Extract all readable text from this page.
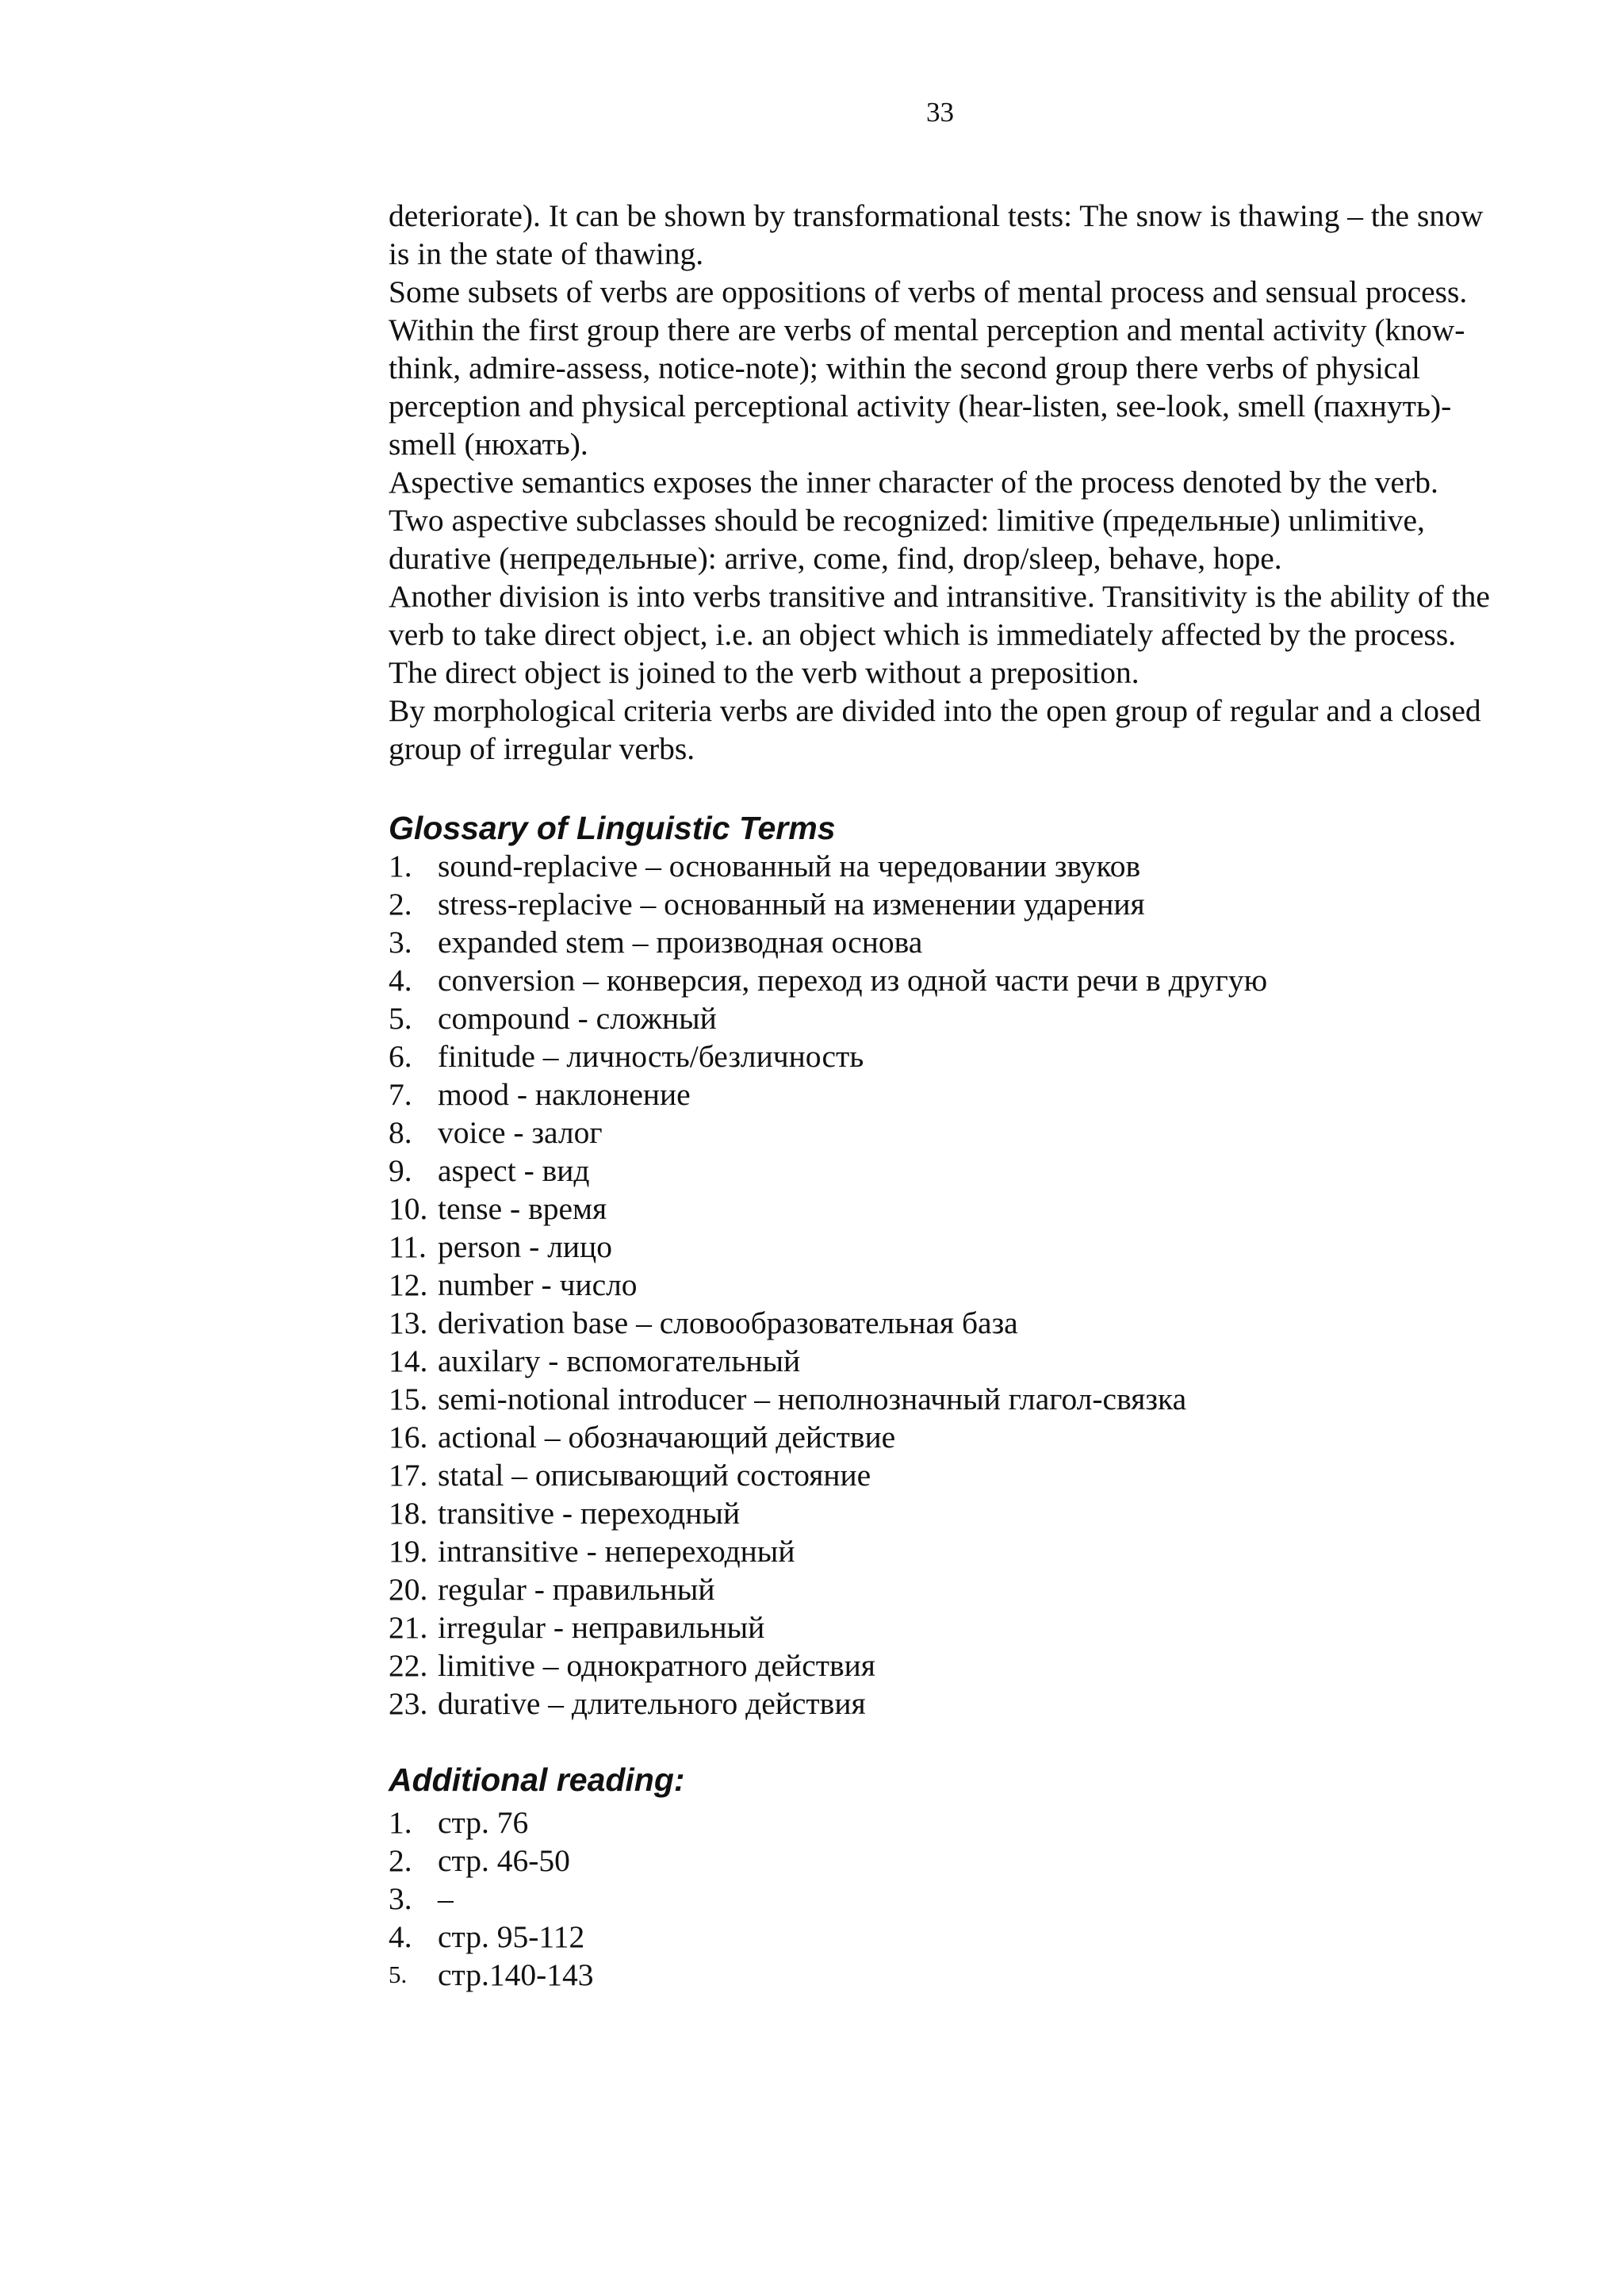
33

deteriorate). It can be shown by transformational tests: The snow is thawing – the snow is in the state of thawing.

Some subsets of verbs are oppositions of verbs of mental process and sensual process. Within the first group there are verbs of mental perception and mental activity (know-think, admire-assess, notice-note); within the second group there verbs of physical perception and physical perceptional activity (hear-listen, see-look, smell (пахнуть)-smell (нюхать).

Aspective semantics exposes the inner character of the process denoted by the verb. Two aspective subclasses should be recognized: limitive (предельные) unlimitive, durative (непредельные): arrive, come, find, drop/sleep, behave, hope.

Another division is into verbs transitive and intransitive. Transitivity is the ability of the verb to take direct object, i.e. an object which is immediately affected by the process. The direct object is joined to the verb without a preposition.

By morphological criteria verbs are divided into the open group of regular and a closed group of irregular verbs.

Glossary of Linguistic Terms
1. sound-replacive – основанный на чередовании звуков
2. stress-replacive – основанный на изменении ударения
3. expanded stem – производная основа
4. conversion – конверсия, переход из одной части речи в другую
5. compound - сложный
6. finitude – личность/безличность
7. mood - наклонение
8. voice - залог
9. aspect - вид
10. tense - время
11. person - лицо
12. number - число
13. derivation base – словообразовательная база
14. auxilary - вспомогательный
15. semi-notional introducer – неполнозначный глагол-связка
16. actional – обозначающий действие
17. statal – описывающий состояние
18. transitive - переходный
19. intransitive - непереходный
20. regular - правильный
21. irregular - неправильный
22. limitive – однократного действия
23. durative – длительного действия
Additional reading:
1. стр. 76
2. стр. 46-50
3. –
4. стр. 95-112
5. стр.140-143
